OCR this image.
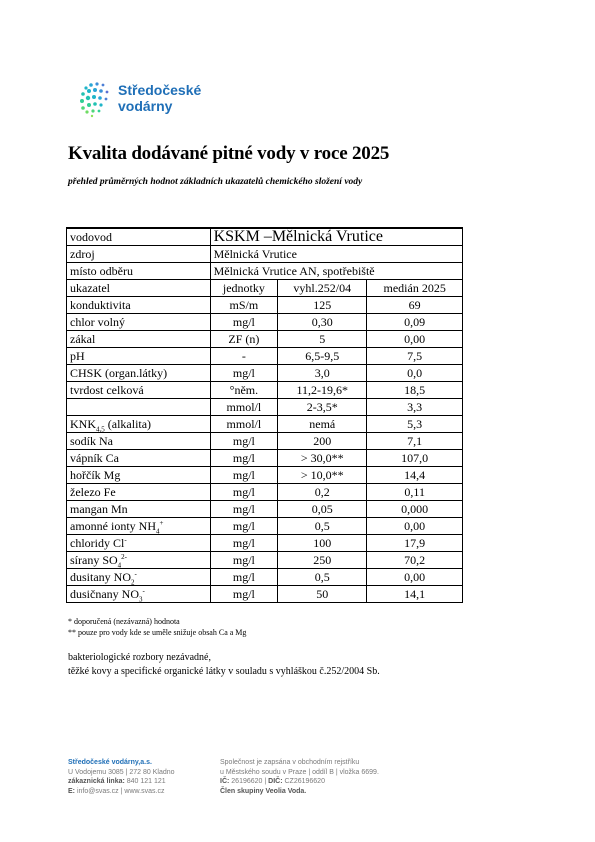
Středočeské
vodárny
Kvalita dodávané pitné vody v roce 2025
přehled průměrných hodnot základních ukazatelů chemického složení vody
vodovod	KSKM –Mělnická Vrutice		
zdroj	Mělnická Vrutice		
místo odběru	Mělnická Vrutice AN, spotřebiště		
ukazatel	jednotky	vyhl.252/04	medián 2025
konduktivita	mS/m	125	69
chlor volný	mg/l	0,30	0,09
zákal	ZF (n)	5	0,00
pH	-	6,5-9,5	7,5
CHSK (organ.látky)	mg/l	3,0	0,0
tvrdost celková	°něm.	11,2-19,6*	18,5
	mmol/l	2-3,5*	3,3
$KNK_{4,5}$ (alkalita)	mmol/l	nemá	5,3
sodík Na	mg/l	200	7,1
vápník Ca	mg/l	> 30,0**	107,0
hořčík Mg	mg/l	> 10,0**	14,4
železo Fe	mg/l	0,2	0,11
mangan Mn	mg/l	0,05	0,000
amonné ionty $NH_4^+$	mg/l	0,5	0,00
chloridy Cl-	mg/l	100	17,9
sírany $SO_4^{2-}$	mg/l	250	70,2
dusitany $NO_2^-$	mg/l	0,5	0,00
dusičnany $NO_3^-$	mg/l	50	14,1
* doporučená (nezávazná) hodnota
** pouze pro vody kde se uměle snižuje obsah Ca a Mg
bakteriologické rozbory nezávadné,
těžké kovy a specifické organické látky v souladu s vyhláškou č.252/2004 Sb.
Středočeské vodárny,a.s.
U Vodojemu 3085 | 272 80 Kladno
zákaznická linka: 840 121 121
E: info@svas.cz | www.svas.cz
Společnost je zapsána v obchodním rejstříku
u Městského soudu v Praze | oddíl B | vložka 6699.
IČ: 26196620 | DIČ: CZ26196620
Člen skupiny Veolia Voda.
